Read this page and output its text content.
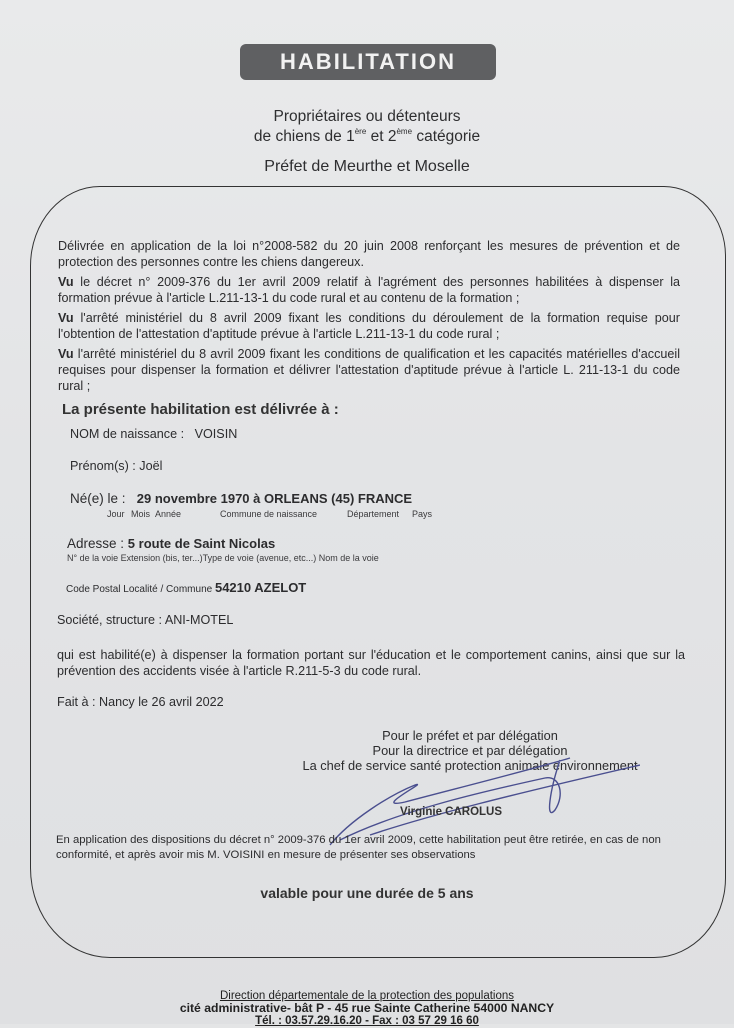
HABILITATION
Propriétaires ou détenteurs
de chiens de 1ère et 2ème catégorie
Préfet de Meurthe et Moselle
Délivrée en application de la loi n°2008-582 du 20 juin 2008 renforçant les mesures de prévention et de protection des personnes contre les chiens dangereux.
Vu le décret n° 2009-376 du 1er avril 2009 relatif à l'agrément des personnes habilitées à dispenser la formation prévue à l'article L.211-13-1 du code rural et au contenu de la formation ;
Vu l'arrêté ministériel du 8 avril 2009 fixant les conditions du déroulement de la formation requise pour l'obtention de l'attestation d'aptitude prévue à l'article L.211-13-1 du code rural ;
Vu l'arrêté ministériel du 8 avril 2009 fixant les conditions de qualification et les capacités matérielles d'accueil requises pour dispenser la formation et délivrer l'attestation d'aptitude prévue à l'article L. 211-13-1 du code rural ;
La présente habilitation est délivrée à :
NOM de naissance : VOISIN
Prénom(s) : Joël
Né(e) le : 29 novembre 1970 à ORLEANS (45) FRANCE
Jour Mois Année	Commune de naissance	Département Pays
Adresse : 5 route de Saint Nicolas
N° de la voie Extension (bis, ter...)Type de voie (avenue, etc...) Nom de la voie
Code Postal Localité / Commune 54210 AZELOT
Société, structure : ANI-MOTEL
qui est habilité(e) à dispenser la formation portant sur l'éducation et le comportement canins, ainsi que sur la prévention des accidents visée à l'article R.211-5-3 du code rural.
Fait à : Nancy le 26 avril 2022
Pour le préfet et par délégation
Pour la directrice et par délégation
La chef de service santé protection animale environnement
Virginie CAROLUS
En application des dispositions du décret n° 2009-376 du 1er avril 2009, cette habilitation peut être retirée, en cas de non conformité, et après avoir mis M. VOISINI en mesure de présenter ses observations
valable pour une durée de 5 ans
Direction départementale de la protection des populations
cité administrative- bât P - 45 rue Sainte Catherine 54000 NANCY
Tél. : 03.57.29.16.20 - Fax : 03 57 29 16 60
